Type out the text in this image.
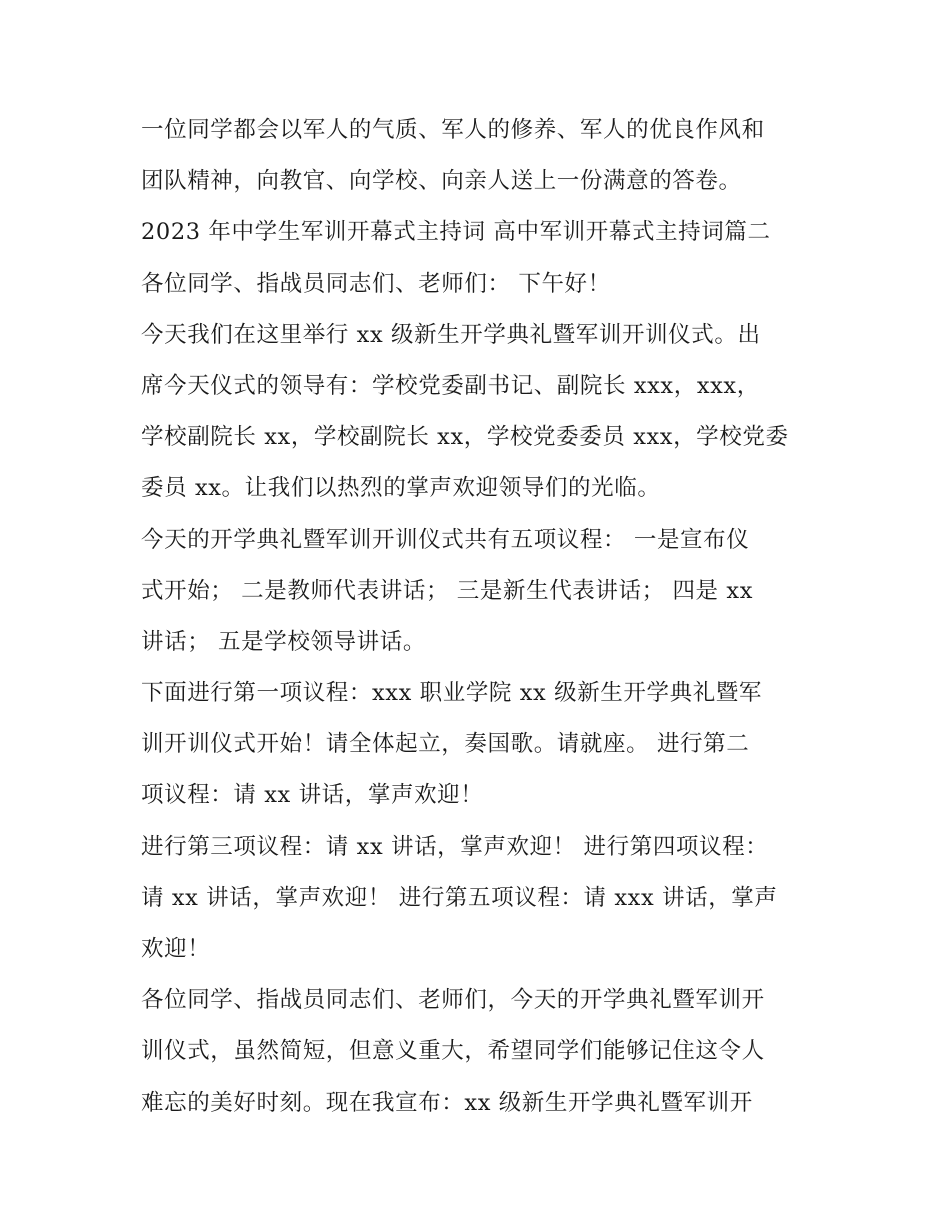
一位同学都会以军人的气质、军人的修养、军人的优良作风和
团队精神，向教官、向学校、向亲人送上一份满意的答卷。
2023 年中学生军训开幕式主持词 高中军训开幕式主持词篇二
各位同学、指战员同志们、老师们： 下午好！
今天我们在这里举行 xx 级新生开学典礼暨军训开训仪式。出
席今天仪式的领导有：学校党委副书记、副院长 xxx，xxx，
学校副院长 xx，学校副院长 xx，学校党委委员 xxx，学校党委
委员 xx。让我们以热烈的掌声欢迎领导们的光临。
今天的开学典礼暨军训开训仪式共有五项议程： 一是宣布仪
式开始； 二是教师代表讲话； 三是新生代表讲话； 四是 xx
讲话； 五是学校领导讲话。
下面进行第一项议程：xxx 职业学院 xx 级新生开学典礼暨军
训开训仪式开始！请全体起立，奏国歌。请就座。 进行第二
项议程：请 xx 讲话，掌声欢迎！
进行第三项议程：请 xx 讲话，掌声欢迎！ 进行第四项议程：
请 xx 讲话，掌声欢迎！ 进行第五项议程：请 xxx 讲话，掌声
欢迎！
各位同学、指战员同志们、老师们，今天的开学典礼暨军训开
训仪式，虽然简短，但意义重大，希望同学们能够记住这令人
难忘的美好时刻。现在我宣布：xx 级新生开学典礼暨军训开
